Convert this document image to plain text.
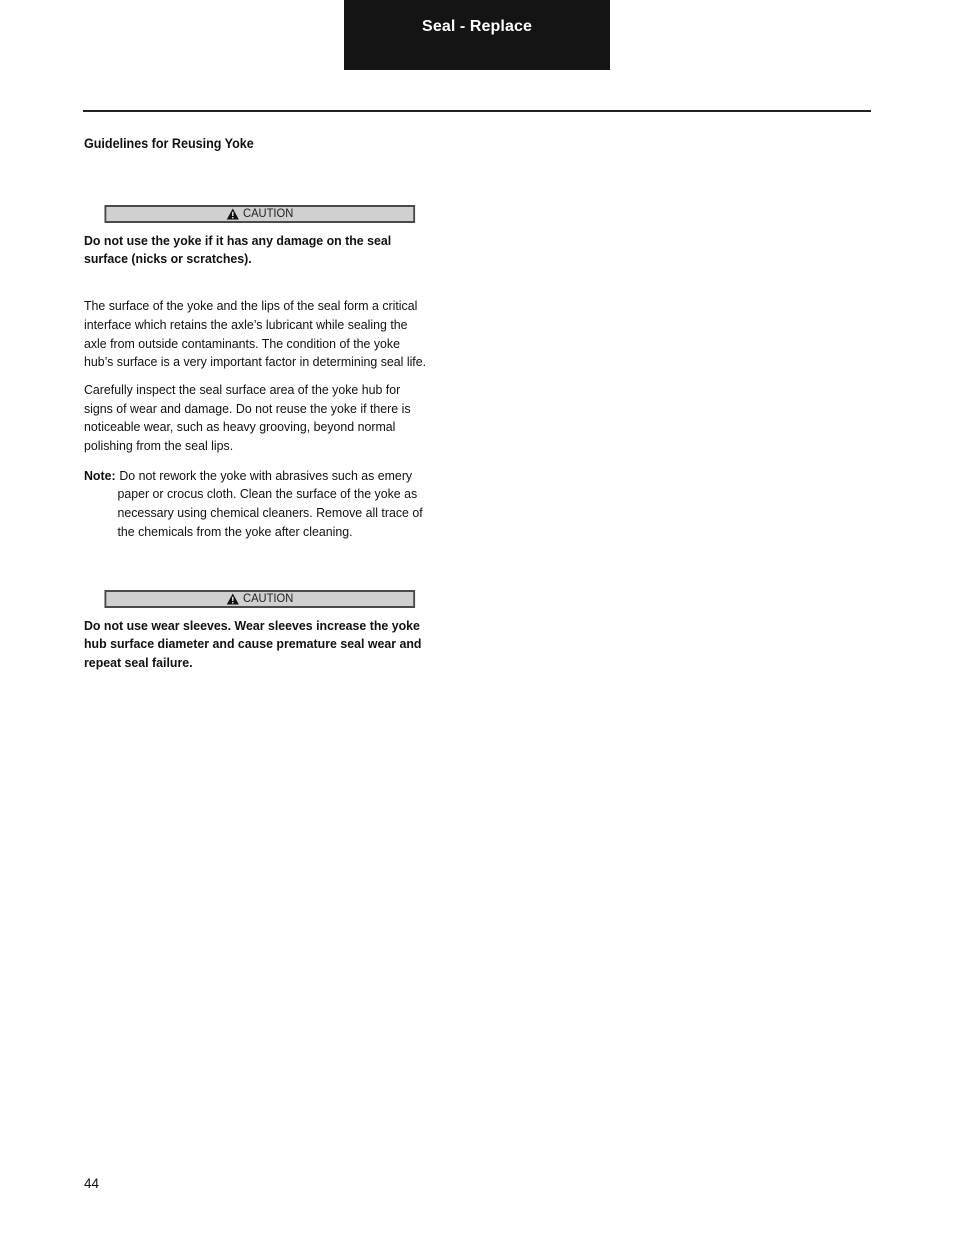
Seal - Replace

Guidelines for Reusing Yoke

CAUTION

Do not use the yoke if it has any damage on the seal surface (nicks or scratches).

The surface of the yoke and the lips of the seal form a critical interface which retains the axle’s lubricant while sealing the axle from outside contaminants. The condition of the yoke hub’s surface is a very important factor in determining seal life.

Carefully inspect the seal surface area of the yoke hub for signs of wear and damage. Do not reuse the yoke if there is noticeable wear, such as heavy grooving, beyond normal polishing from the seal lips.

Note: Do not rework the yoke with abrasives such as emery paper or crocus cloth. Clean the surface of the yoke as necessary using chemical cleaners. Remove all trace of the chemicals from the yoke after cleaning.

CAUTION

Do not use wear sleeves. Wear sleeves increase the yoke hub surface diameter and cause premature seal wear and repeat seal failure.

44
